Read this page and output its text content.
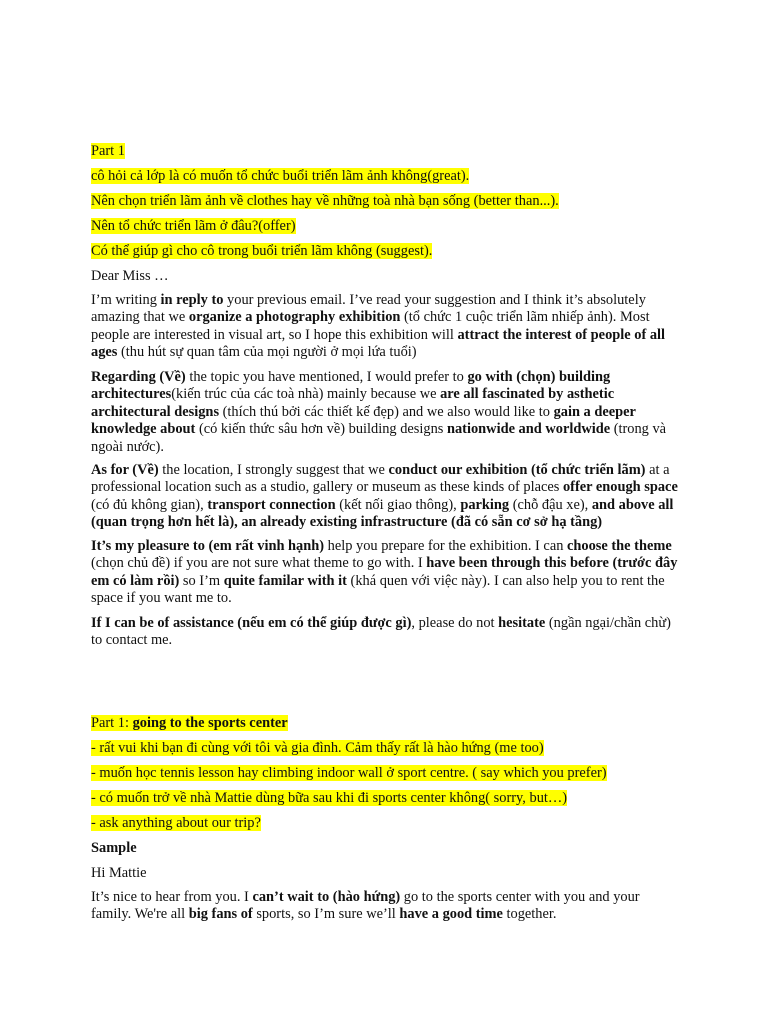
Part 1
cô hỏi cả lớp là có muốn tổ chức buổi triển lãm ảnh không(great).
Nên chọn triển lãm ảnh về clothes hay về những toà nhà bạn sống (better than...).
Nên tổ chức triển lãm ở đâu?(offer)
Có thể giúp gì cho cô trong buổi triển lãm không (suggest).
Dear Miss …
I’m writing in reply to your previous email. I’ve read your suggestion and I think it’s absolutely amazing that we organize a photography exhibition (tổ chức 1 cuộc triển lãm nhiếp ảnh). Most people are interested in visual art, so I hope this exhibition will attract the interest of people of all ages (thu hút sự quan tâm của mọi người ở mọi lứa tuổi)
Regarding (Về) the topic you have mentioned, I would prefer to go with (chọn) building architectures(kiến trúc của các toà nhà) mainly because we are all fascinated by asthetic architectural designs (thích thú bởi các thiết kế đẹp) and we also would like to gain a deeper knowledge about (có kiến thức sâu hơn về) building designs nationwide and worldwide (trong và ngoài nước).
As for (Về) the location, I strongly suggest that we conduct our exhibition (tổ chức triển lãm) at a professional location such as a studio, gallery or museum as these kinds of places offer enough space (có đủ không gian), transport connection (kết nối giao thông), parking (chỗ đậu xe), and above all (quan trọng hơn hết là), an already existing infrastructure (đã có sẵn cơ sở hạ tầng)
It’s my pleasure to (em rất vinh hạnh) help you prepare for the exhibition. I can choose the theme (chọn chủ đề) if you are not sure what theme to go with. I have been through this before (trước đây em có làm rồi) so I’m quite familar with it (khá quen với việc này). I can also help you to rent the space if you want me to.
If I can be of assistance (nếu em có thể giúp được gì), please do not hesitate (ngần ngại/chần chừ) to contact me.
Part 1: going to the sports center
- rất vui khi bạn đi cùng với tôi và gia đình. Cảm thấy rất là hào hứng (me too)
- muốn học tennis lesson hay climbing indoor wall ở sport centre. ( say which you prefer)
- có muốn trở về nhà Mattie dùng bữa sau khi đi sports center không( sorry, but…)
- ask anything about our trip?
Sample
Hi Mattie
It’s nice to hear from you. I can’t wait to (hào hứng) go to the sports center with you and your family. We're all big fans of sports, so I’m sure we’ll have a good time together.
